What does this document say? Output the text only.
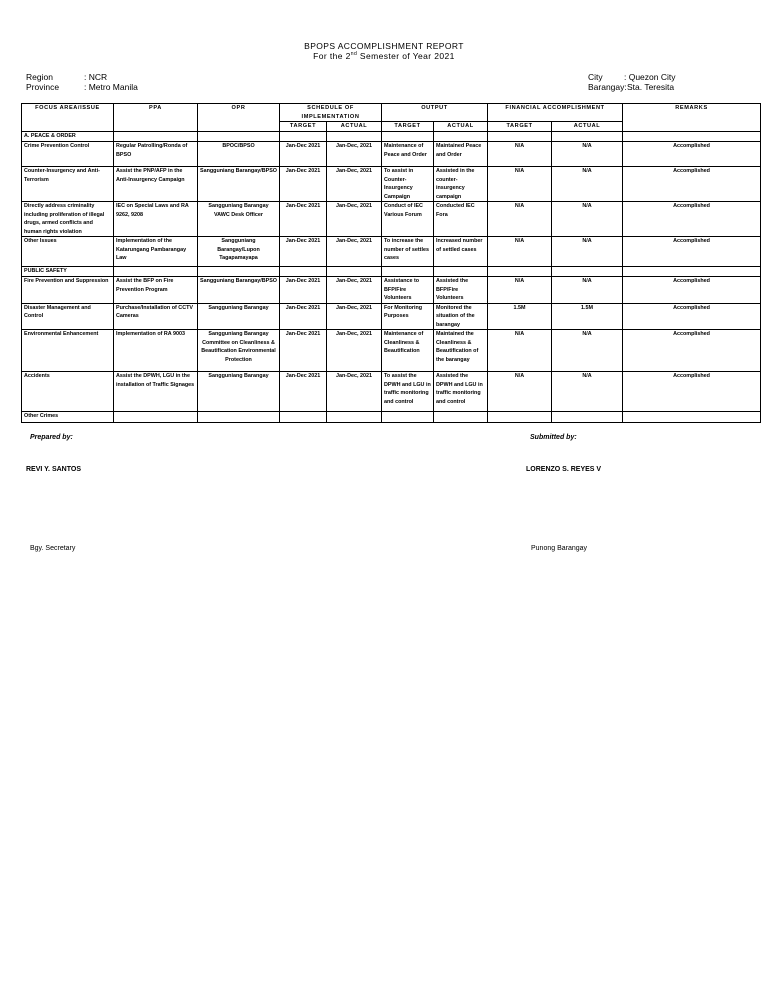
BPOPS ACCOMPLISHMENT REPORT
For the 2nd Semester of Year 2021
Region	: NCR
Province	: Metro Manila
City	: Quezon City
Barangay:Sta. Teresita
FOCUS AREA/ISSUE	PPA	OPR	SCHEDULE OF IMPLEMENTATION		OUTPUT		FINANCIAL ACCOMPLISHMENT		REMARKS
			TARGET	ACTUAL	TARGET	ACTUAL	TARGET	ACTUAL	
A. PEACE & ORDER									
Crime Prevention Control	Regular Patrolling/Ronda of BPSO	BPOC/BPSO	Jan-Dec 2021	Jan-Dec, 2021	Maintenance of Peace and Order	Maintained Peace and Order	N/A	N/A	Accomplished
Counter-Insurgency and Anti-Terrorism	Assist the PNP/AFP in the Anti-Insurgency Campaign	Sangguniang Barangay/BPSO	Jan-Dec 2021	Jan-Dec, 2021	To assist in Counter-Insurgency Campaign	Assisted in the counter-insurgency campaign	N/A	N/A	Accomplished
Directly address criminality including proliferation of illegal drugs, armed conflicts and human rights violation	IEC on Special Laws and RA 9262, 9208	Sangguniang Barangay VAWC Desk Officer	Jan-Dec 2021	Jan-Dec, 2021	Conduct of IEC Various Forum	Conducted IEC Fora	N/A	N/A	Accomplished
Other Issues	Implementation of the Katarungang Pambarangay Law	Sangguniang Barangay/Lupon Tagapamayapa	Jan-Dec 2021	Jan-Dec, 2021	To increase the number of settles cases	Increased number of settled cases	N/A	N/A	Accomplished
PUBLIC SAFETY									
Fire Prevention and Suppression	Assist the BFP on Fire Prevention Program	Sangguniang Barangay/BPSO	Jan-Dec 2021	Jan-Dec, 2021	Assistance to BFP/Fire Volunteers	Assisted the BFP/Fire Volunteers	N/A	N/A	Accomplished
Disaster Management and Control	Purchase/Installation of CCTV Cameras	Sangguniang Barangay	Jan-Dec 2021	Jan-Dec, 2021	For Monitoring Purposes	Monitored the situation of the barangay	1.5M	1.5M	Accomplished
Environmental Enhancement	Implementation of RA 9003	Sangguniang Barangay Committee on Cleanliness & Beautification Environmental Protection	Jan-Dec 2021	Jan-Dec, 2021	Maintenance of Cleanliness & Beautification	Maintained the Cleanliness & Beautification of the barangay	N/A	N/A	Accomplished
Accidents	Assist the DPWH, LGU in the installation of Traffic Signages	Sangguniang Barangay	Jan-Dec 2021	Jan-Dec, 2021	To assist the DPWH and LGU in traffic monitoring and control	Assisted the DPWH and LGU in traffic monitoring and control	N/A	N/A	Accomplished
Other Crimes									
Prepared by:	Submitted by:
REVI Y. SANTOS	LORENZO S. REYES V
Bgy. Secretary	Punong Barangay
